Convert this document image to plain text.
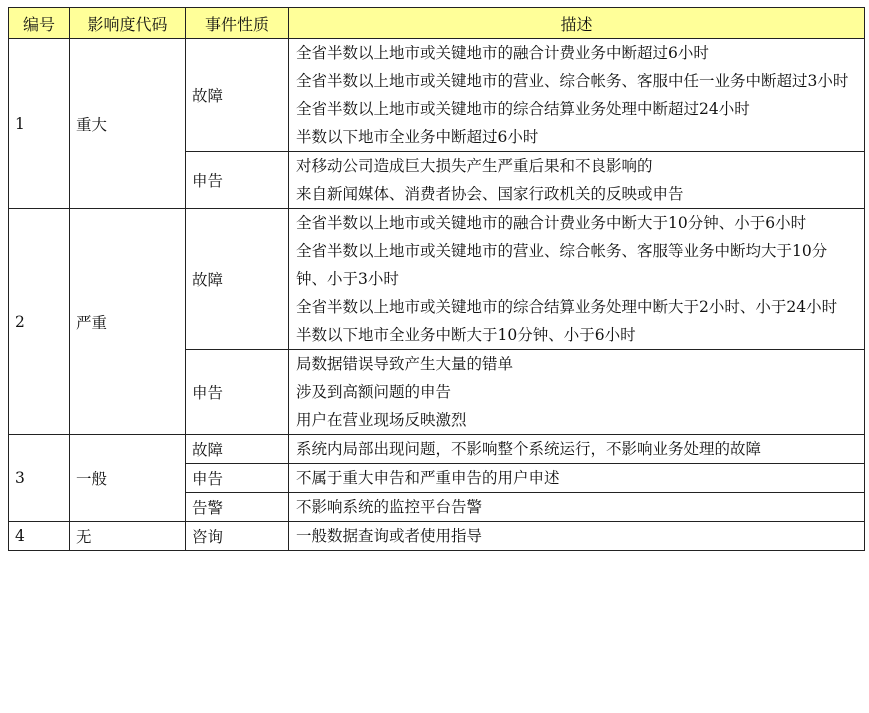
编号	影响度代码	事件性质	描述
1	重大	故障	全省半数以上地市或关键地市的融合计费业务中断超过6小时
全省半数以上地市或关键地市的营业、综合帐务、客服中任一业务中断超过3小时
全省半数以上地市或关键地市的综合结算业务处理中断超过24小时
半数以下地市全业务中断超过6小时

		申告	对移动公司造成巨大损失产生严重后果和不良影响的
来自新闻媒体、消费者协会、国家行政机关的反映或申告

2	严重	故障	全省半数以上地市或关键地市的融合计费业务中断大于10分钟、小于6小时
全省半数以上地市或关键地市的营业、综合帐务、客服等业务中断均大于10分钟、小于3小时
全省半数以上地市或关键地市的综合结算业务处理中断大于2小时、小于24小时
半数以下地市全业务中断大于10分钟、小于6小时

		申告	局数据错误导致产生大量的错单
涉及到高额问题的申告
用户在营业现场反映激烈

3	一般	故障	系统内局部出现问题，不影响整个系统运行，不影响业务处理的故障

		申告	不属于重大申告和严重申告的用户申述

		告警	不影响系统的监控平台告警

4	无	咨询	一般数据查询或者使用指导
